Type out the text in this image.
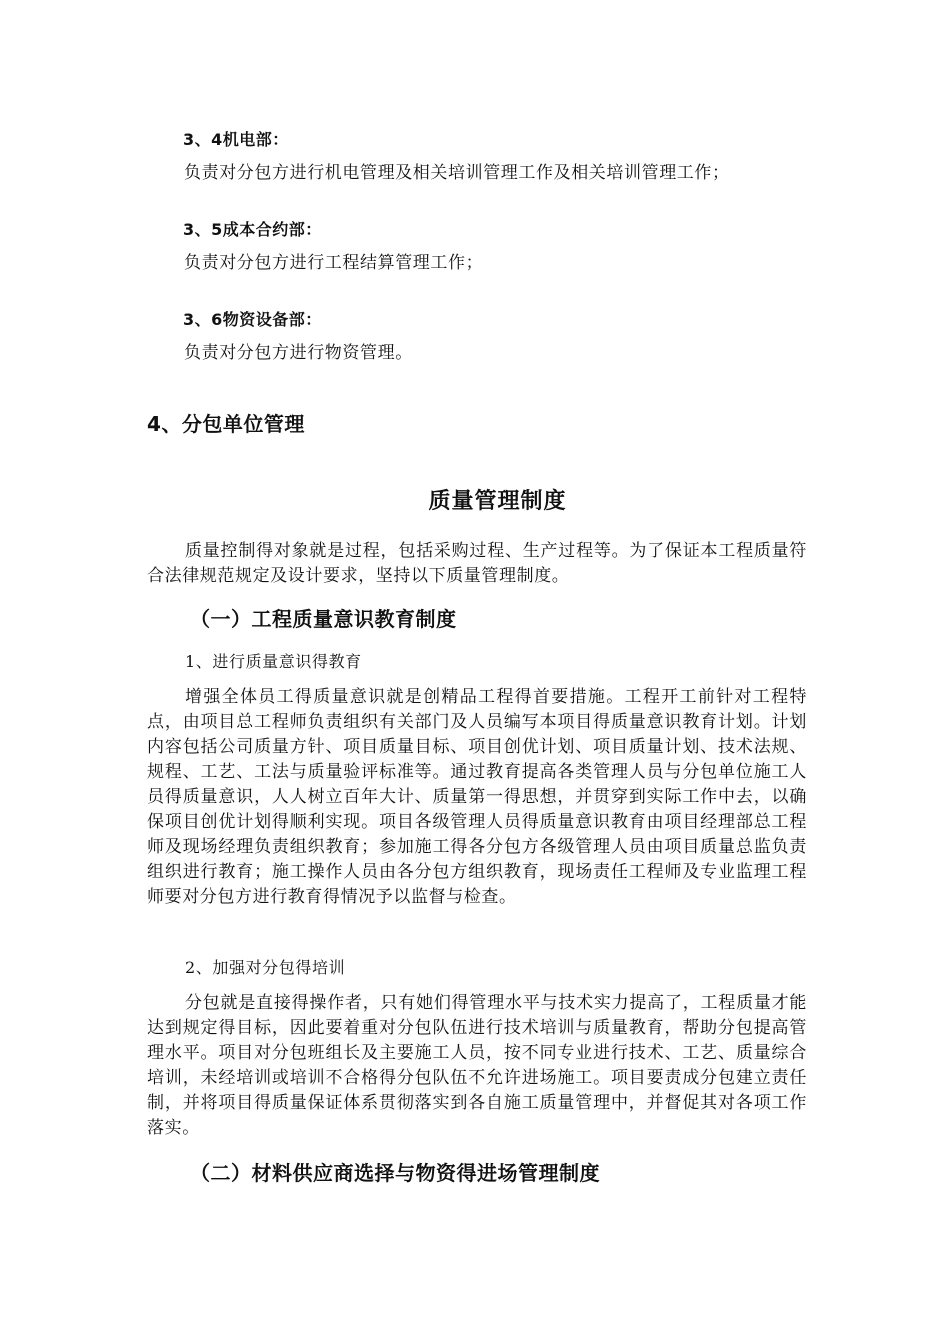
3、4机电部：
负责对分包方进行机电管理及相关培训管理工作及相关培训管理工作；
3、5成本合约部：
负责对分包方进行工程结算管理工作；
3、6物资设备部：
负责对分包方进行物资管理。
4、分包单位管理
质量管理制度
质量控制得对象就是过程，包括采购过程、生产过程等。为了保证本工程质量符合法律规范规定及设计要求，坚持以下质量管理制度。
（一）工程质量意识教育制度
1、进行质量意识得教育
增强全体员工得质量意识就是创精品工程得首要措施。工程开工前针对工程特点，由项目总工程师负责组织有关部门及人员编写本项目得质量意识教育计划。计划内容包括公司质量方针、项目质量目标、项目创优计划、项目质量计划、技术法规、规程、工艺、工法与质量验评标准等。通过教育提高各类管理人员与分包单位施工人员得质量意识，人人树立百年大计、质量第一得思想，并贯穿到实际工作中去，以确保项目创优计划得顺利实现。项目各级管理人员得质量意识教育由项目经理部总工程师及现场经理负责组织教育；参加施工得各分包方各级管理人员由项目质量总监负责组织进行教育；施工操作人员由各分包方组织教育，现场责任工程师及专业监理工程师要对分包方进行教育得情况予以监督与检查。
2、加强对分包得培训
分包就是直接得操作者，只有她们得管理水平与技术实力提高了，工程质量才能达到规定得目标，因此要着重对分包队伍进行技术培训与质量教育，帮助分包提高管理水平。项目对分包班组长及主要施工人员，按不同专业进行技术、工艺、质量综合培训，未经培训或培训不合格得分包队伍不允许进场施工。项目要责成分包建立责任制，并将项目得质量保证体系贯彻落实到各自施工质量管理中，并督促其对各项工作落实。
（二）材料供应商选择与物资得进场管理制度
